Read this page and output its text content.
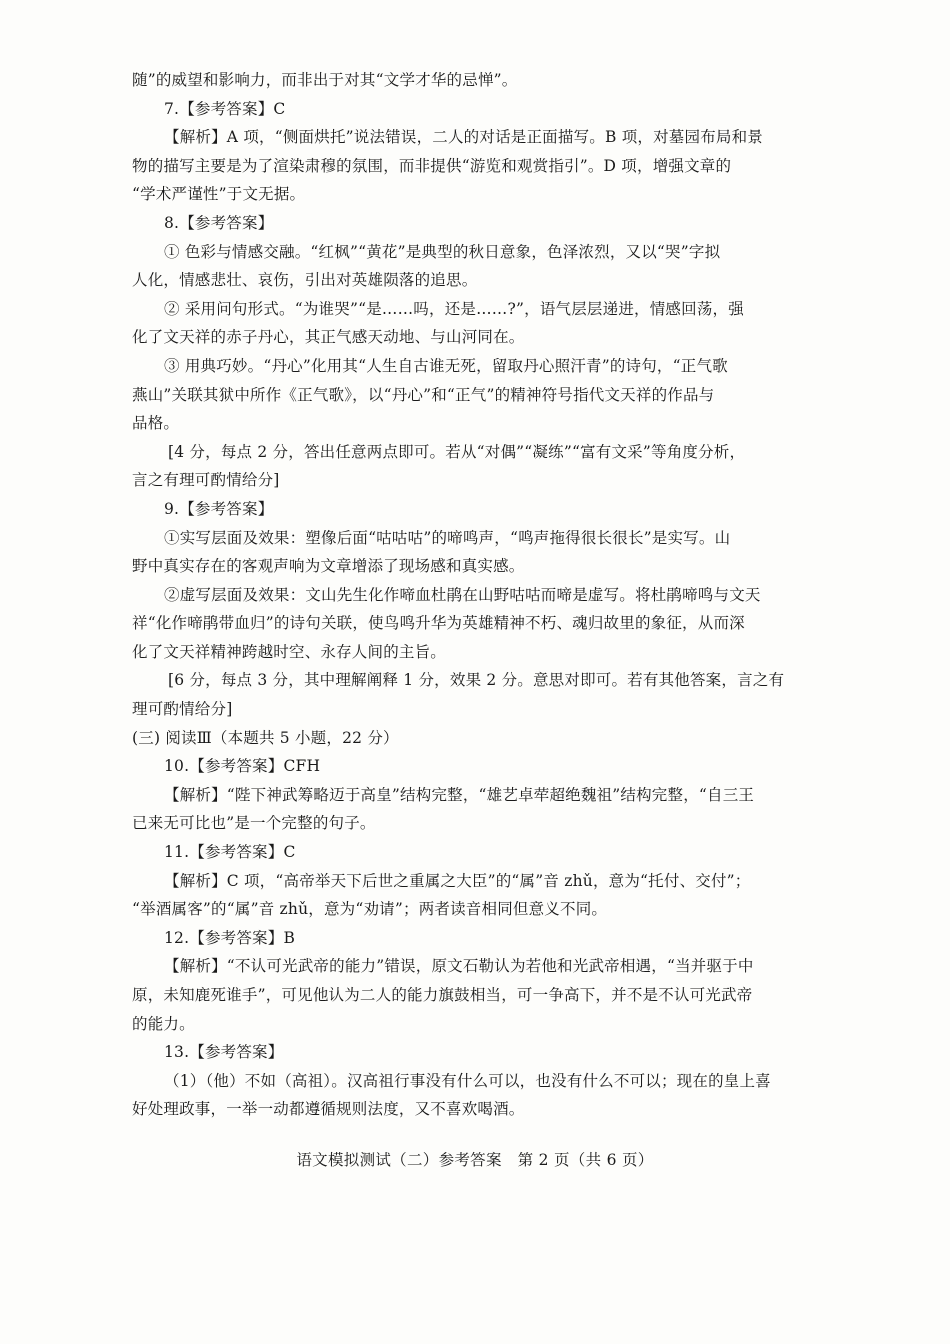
随”的威望和影响力，而非出于对其“文学才华的忌惮”。
7.【参考答案】C
【解析】A 项，“侧面烘托”说法错误，二人的对话是正面描写。B 项，对墓园布局和景
物的描写主要是为了渲染肃穆的氛围，而非提供“游览和观赏指引”。D 项，增强文章的
“学术严谨性”于文无据。
8.【参考答案】
① 色彩与情感交融。“红枫”“黄花”是典型的秋日意象，色泽浓烈，又以“哭”字拟
人化，情感悲壮、哀伤，引出对英雄陨落的追思。
② 采用问句形式。“为谁哭”“是……吗，还是……?”，语气层层递进，情感回荡，强
化了文天祥的赤子丹心，其正气感天动地、与山河同在。
③ 用典巧妙。“丹心”化用其“人生自古谁无死，留取丹心照汗青”的诗句，“正气歌
燕山”关联其狱中所作《正气歌》，以“丹心”和“正气”的精神符号指代文天祥的作品与
品格。
[4 分，每点 2 分，答出任意两点即可。若从“对偶”“凝练”“富有文采”等角度分析，
言之有理可酌情给分]
9.【参考答案】
①实写层面及效果：塑像后面“咕咕咕”的啼鸣声，“鸣声拖得很长很长”是实写。山
野中真实存在的客观声响为文章增添了现场感和真实感。
②虚写层面及效果：文山先生化作啼血杜鹃在山野咕咕而啼是虚写。将杜鹃啼鸣与文天
祥“化作啼鹃带血归”的诗句关联，使鸟鸣升华为英雄精神不朽、魂归故里的象征，从而深
化了文天祥精神跨越时空、永存人间的主旨。
[6 分，每点 3 分，其中理解阐释 1 分，效果 2 分。意思对即可。若有其他答案，言之有
理可酌情给分]
(三) 阅读Ⅲ（本题共 5 小题，22 分）
10.【参考答案】CFH
【解析】“陛下神武筹略迈于高皇”结构完整，“雄艺卓荦超绝魏祖”结构完整，“自三王
已来无可比也”是一个完整的句子。
11.【参考答案】C
【解析】C 项，“高帝举天下后世之重属之大臣”的“属”音 zhǔ，意为“托付、交付”；
“举酒属客”的“属”音 zhǔ，意为“劝请”；两者读音相同但意义不同。
12.【参考答案】B
【解析】“不认可光武帝的能力”错误，原文石勒认为若他和光武帝相遇，“当并驱于中
原，未知鹿死谁手”，可见他认为二人的能力旗鼓相当，可一争高下，并不是不认可光武帝
的能力。
13.【参考答案】
（1）（他）不如（高祖）。汉高祖行事没有什么可以，也没有什么不可以；现在的皇上喜
好处理政事，一举一动都遵循规则法度，又不喜欢喝酒。
语文模拟测试（二）参考答案　第 2 页（共 6 页）
